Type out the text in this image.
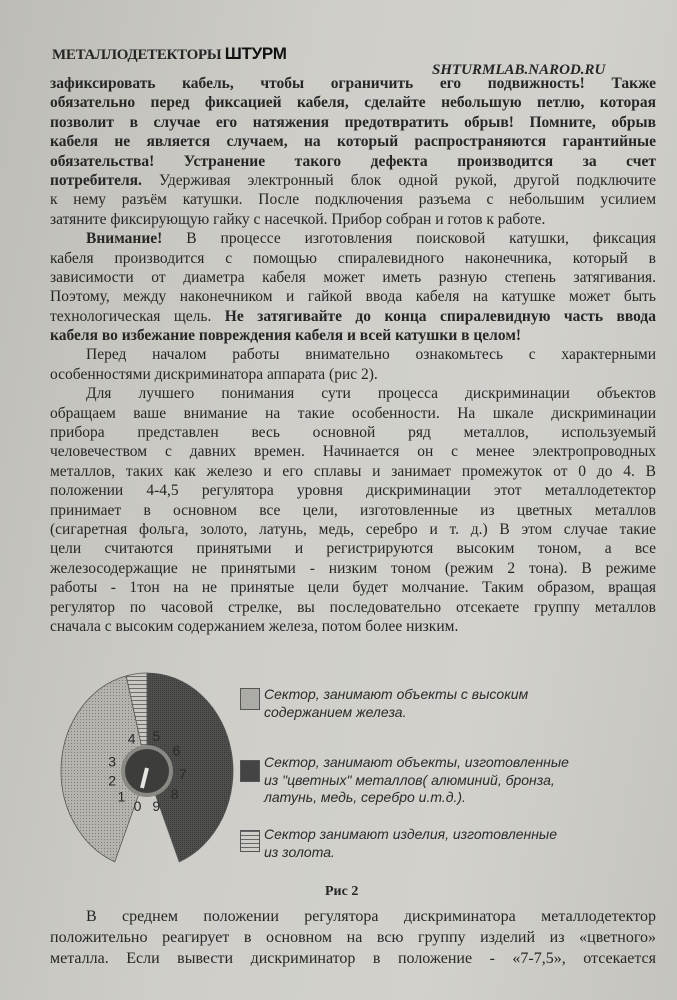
МЕТАЛЛОДЕТЕКТОРЫ ШТУРМ
SHTURMLAB.NAROD.RU
зафиксировать кабель, чтобы ограничить его подвижность! Также
обязательно перед фиксацией кабеля, сделайте небольшую петлю, которая
позволит в случае его натяжения предотвратить обрыв! Помните, обрыв
кабеля не является случаем, на который распространяются гарантийные
обязательства! Устранение такого дефекта производится за счет
потребителя. Удерживая электронный блок одной рукой, другой подключите
к нему разъём катушки. После подключения разъема с небольшим усилием
затяните фиксирующую гайку с насечкой. Прибор собран и готов к работе.
Внимание! В процессе изготовления поисковой катушки, фиксация
кабеля производится с помощью спиралевидного наконечника, который в
зависимости от диаметра кабеля может иметь разную степень затягивания.
Поэтому, между наконечником и гайкой ввода кабеля на катушке может быть
технологическая щель. Не затягивайте до конца спиралевидную часть ввода
кабеля во избежание повреждения кабеля и всей катушки в целом!
Перед началом работы внимательно ознакомьтесь с характерными
особенностями дискриминатора аппарата (рис 2).
Для лучшего понимания сути процесса дискриминации объектов
обращаем ваше внимание на такие особенности. На шкале дискриминации
прибора представлен весь основной ряд металлов, используемый
человечеством с давних времен. Начинается он с менее электропроводных
металлов, таких как железо и его сплавы и занимает промежуток от 0 до 4. В
положении 4-4,5 регулятора уровня дискриминации этот металлодетектор
принимает в основном все цели, изготовленные из цветных металлов
(сигаретная фольга, золото, латунь, медь, серебро и т. д.) В этом случае такие
цели считаются принятыми и регистрируются высоким тоном, а все
железосодержащие не принятыми - низким тоном (режим 2 тона). В режиме
работы - 1тон на не принятые цели будет молчание. Таким образом, вращая
регулятор по часовой стрелке, вы последовательно отсекаете группу металлов
сначала с высоким содержанием железа, потом более низким.
0
1
2
3
4 5
6
7
8
9
Сектор, занимают объекты с высоким
содержанием железа.
Сектор, занимают объекты, изготовленные
из "цветных" металлов( алюминий, бронза,
латунь, медь, серебро и.т.д.).
Сектор занимают изделия, изготовленные
из золота.
Рис 2
В среднем положении регулятора дискриминатора металлодетектор
положительно реагирует в основном на всю группу изделий из «цветного»
металла. Если вывести дискриминатор в положение - «7-7,5», отсекается
